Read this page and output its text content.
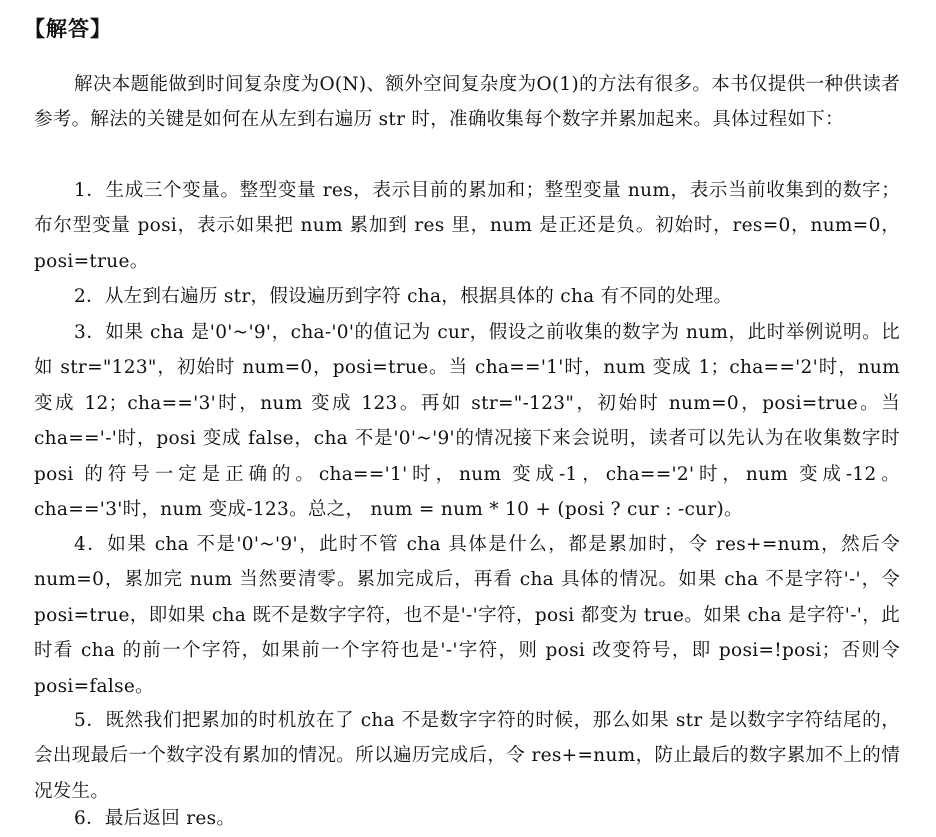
【解答】

解决本题能做到时间复杂度为O(N)、额外空间复杂度为O(1)的方法有很多。本书仅提供一种供读者参考。解法的关键是如何在从左到右遍历 str 时，准确收集每个数字并累加起来。具体过程如下：

1．生成三个变量。整型变量 res，表示目前的累加和；整型变量 num，表示当前收集到的数字；布尔型变量 posi，表示如果把 num 累加到 res 里，num 是正还是负。初始时，res=0，num=0，posi=true。

2．从左到右遍历 str，假设遍历到字符 cha，根据具体的 cha 有不同的处理。

3．如果 cha 是'0'~'9'，cha-'0'的值记为 cur，假设之前收集的数字为 num，此时举例说明。比如 str="123"，初始时 num=0，posi=true。当 cha=='1'时，num 变成 1；cha=='2'时，num 变成 12；cha=='3'时，num 变成 123。再如 str="-123"，初始时 num=0，posi=true。当 cha=='-'时，posi 变成 false，cha 不是'0'~'9'的情况接下来会说明，读者可以先认为在收集数字时 posi 的符号一定是正确的。cha=='1'时，num 变成-1，cha=='2'时，num 变成-12。cha=='3'时，num 变成-123。总之， num = num * 10 + (posi ? cur : -cur)。

4．如果 cha 不是'0'~'9'，此时不管 cha 具体是什么，都是累加时，令 res+=num，然后令 num=0，累加完 num 当然要清零。累加完成后，再看 cha 具体的情况。如果 cha 不是字符'-'，令 posi=true，即如果 cha 既不是数字字符，也不是'-'字符，posi 都变为 true。如果 cha 是字符'-'，此时看 cha 的前一个字符，如果前一个字符也是'-'字符，则 posi 改变符号，即 posi=!posi；否则令 posi=false。

5．既然我们把累加的时机放在了 cha 不是数字字符的时候，那么如果 str 是以数字字符结尾的，会出现最后一个数字没有累加的情况。所以遍历完成后，令 res+=num，防止最后的数字累加不上的情况发生。

6．最后返回 res。
